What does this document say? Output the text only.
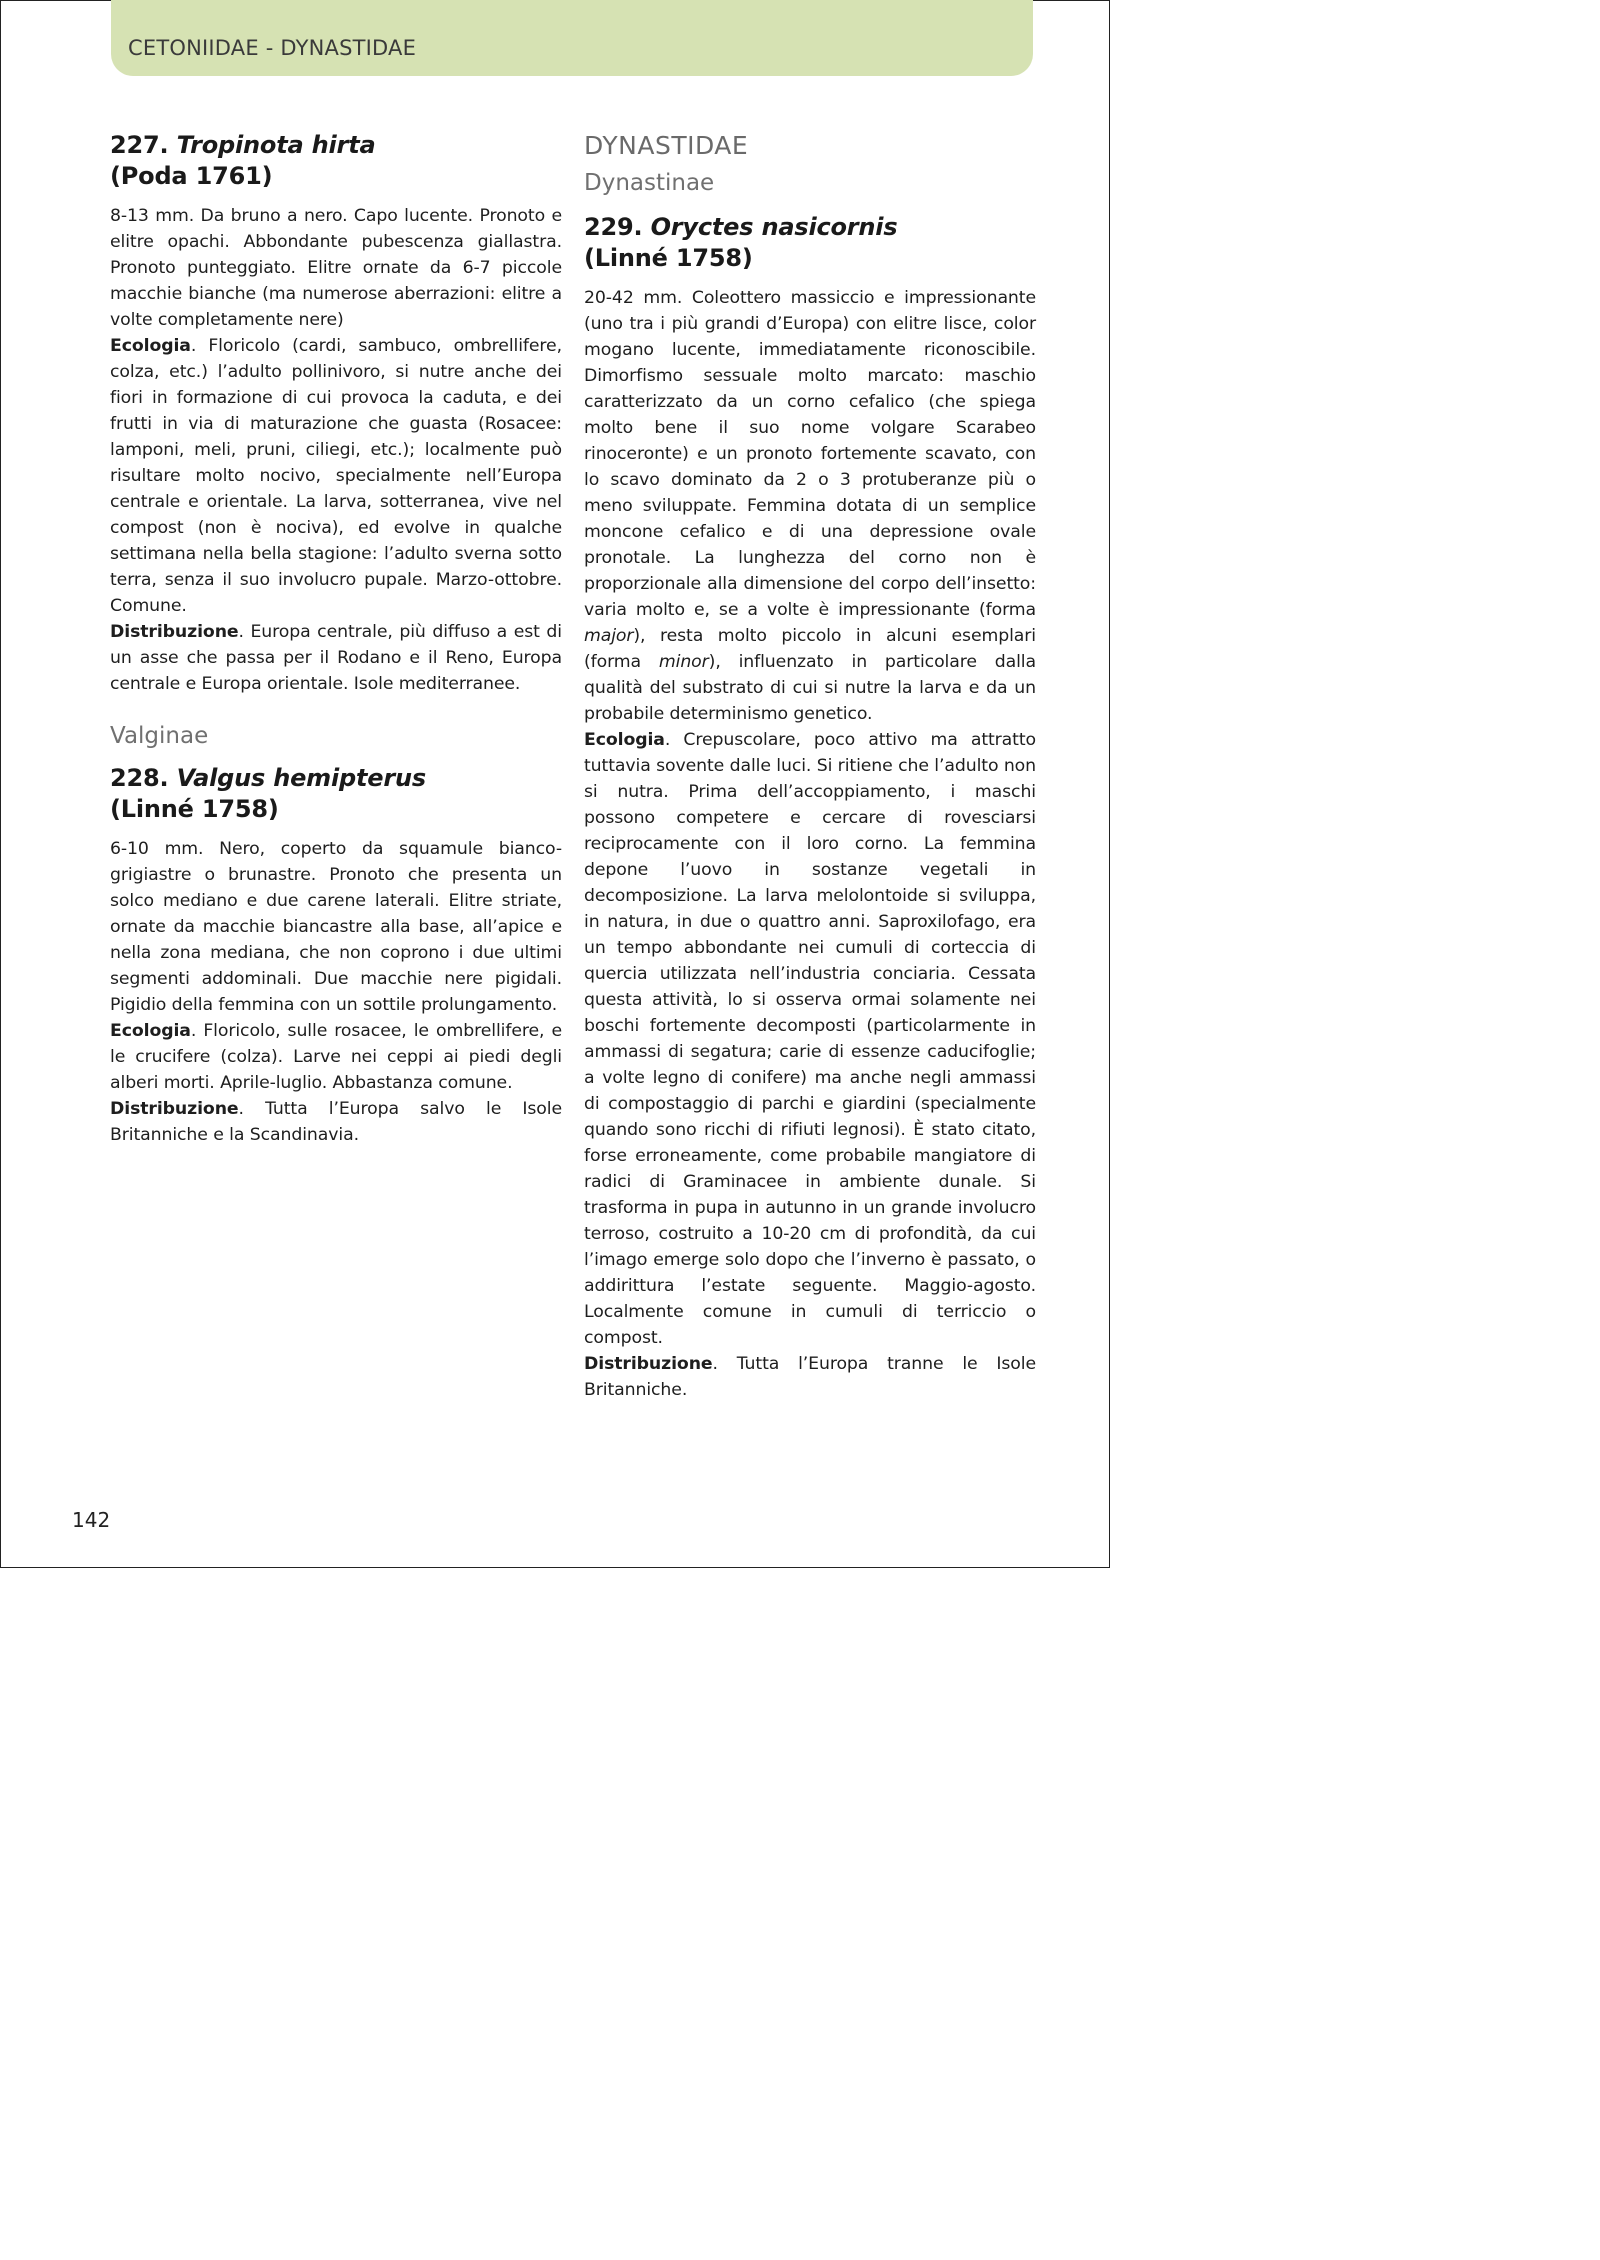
CETONIIDAE - DYNASTIDAE
227. Tropinota hirta
(Poda 1761)

8-13 mm. Da bruno a nero. Capo lucente. Pronoto e elitre opachi. Abbondante pubescenza giallastra. Pronoto punteggiato. Elitre ornate da 6-7 piccole macchie bianche (ma numerose aberrazioni: elitre a volte completamente nere)

Ecologia. Floricolo (cardi, sambuco, ombrellifere, colza, etc.) l’adulto pollinivoro, si nutre anche dei fiori in formazione di cui provoca la caduta, e dei frutti in via di maturazione che guasta (Rosacee: lamponi, meli, pruni, ciliegi, etc.); localmente può risultare molto nocivo, specialmente nell’Europa centrale e orientale. La larva, sotterranea, vive nel compost (non è nociva), ed evolve in qualche settimana nella bella stagione: l’adulto sverna sotto terra, senza il suo involucro pupale. Marzo-ottobre. Comune.

Distribuzione. Europa centrale, più diffuso a est di un asse che passa per il Rodano e il Reno, Europa centrale e Europa orientale. Isole mediterranee.

Valginae
228. Valgus hemipterus
(Linné 1758)

6-10 mm. Nero, coperto da squamule bianco-grigiastre o brunastre. Pronoto che presenta un solco mediano e due carene laterali. Elitre striate, ornate da macchie biancastre alla base, all’apice e nella zona mediana, che non coprono i due ultimi segmenti addominali. Due macchie nere pigidali. Pigidio della femmina con un sottile prolungamento.

Ecologia. Floricolo, sulle rosacee, le ombrellifere, e le crucifere (colza). Larve nei ceppi ai piedi degli alberi morti. Aprile-luglio. Abbastanza comune.

Distribuzione. Tutta l’Europa salvo le Isole Britanniche e la Scandinavia.

DYNASTIDAE
Dynastinae
229. Oryctes nasicornis
(Linné 1758)

20-42 mm. Coleottero massiccio e impressionante (uno tra i più grandi d’Europa) con elitre lisce, color mogano lucente, immediatamente riconoscibile. Dimorfismo sessuale molto marcato: maschio caratterizzato da un corno cefalico (che spiega molto bene il suo nome volgare Scarabeo rinoceronte) e un pronoto fortemente scavato, con lo scavo dominato da 2 o 3 protuberanze più o meno sviluppate. Femmina dotata di un semplice moncone cefalico e di una depressione ovale pronotale. La lunghezza del corno non è proporzionale alla dimensione del corpo dell’insetto: varia molto e, se a volte è impressionante (forma major), resta molto piccolo in alcuni esemplari (forma minor), influenzato in particolare dalla qualità del substrato di cui si nutre la larva e da un probabile determinismo genetico.

Ecologia. Crepuscolare, poco attivo ma attratto tuttavia sovente dalle luci. Si ritiene che l’adulto non si nutra. Prima dell’accoppiamento, i maschi possono competere e cercare di rovesciarsi reciprocamente con il loro corno. La femmina depone l’uovo in sostanze vegetali in decomposizione. La larva melolontoide si sviluppa, in natura, in due o quattro anni. Saproxilofago, era un tempo abbondante nei cumuli di corteccia di quercia utilizzata nell’industria conciaria. Cessata questa attività, lo si osserva ormai solamente nei boschi fortemente decomposti (particolarmente in ammassi di segatura; carie di essenze caducifoglie; a volte legno di conifere) ma anche negli ammassi di compostaggio di parchi e giardini (specialmente quando sono ricchi di rifiuti legnosi). È stato citato, forse erroneamente, come probabile mangiatore di radici di Graminacee in ambiente dunale. Si trasforma in pupa in autunno in un grande involucro terroso, costruito a 10-20 cm di profondità, da cui l’imago emerge solo dopo che l’inverno è passato, o addirittura l’estate seguente. Maggio-agosto. Localmente comune in cumuli di terriccio o compost.

Distribuzione. Tutta l’Europa tranne le Isole Britanniche.

142
